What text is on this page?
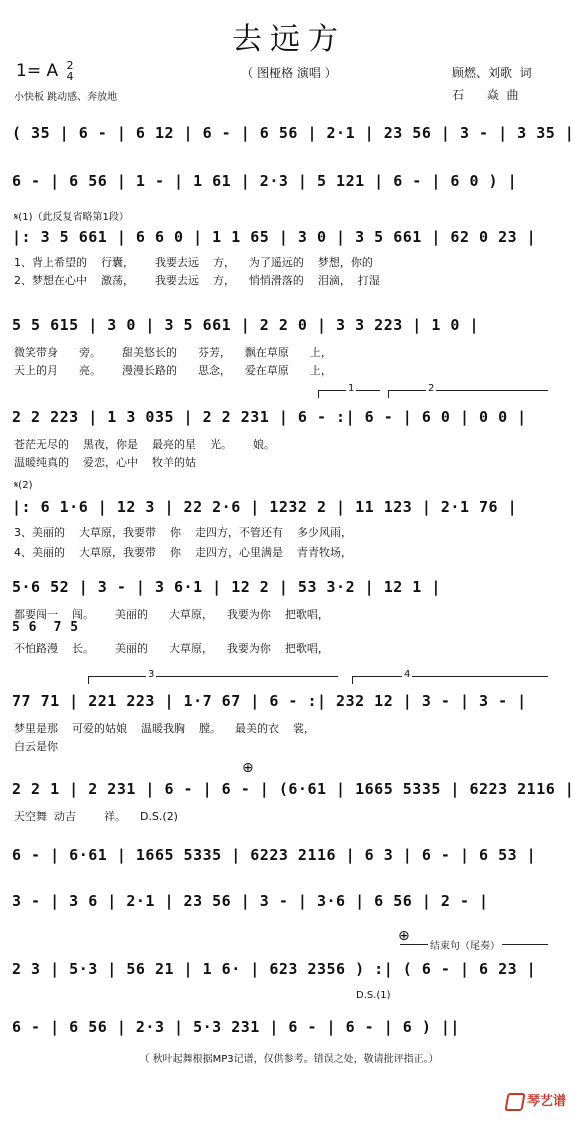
去远方
（ 图桠格 演唱 ）
1= A 2
4
小快板 跳动感、奔放地
顾燃、刘歌  词
石      焱  曲
( 35 | 6 - | 6 12 | 6 - | 6 56 | 2·1 | 23 56 | 3 - | 3 35 |
6 - | 6 56 | 1 - | 1 61 | 2·3 | 5 121 | 6 - | 6 0 ) |
𝄋(1)（此反复省略第1段）
|: 3 5 661 | 6 6 0 | 1 1 65 | 3 0 | 3 5 661 | 62 0 23 |
1、背上希望的    行囊，      我要去远    方，    为了遥远的    梦想，你的
2、梦想在心中    激荡，      我要去远    方，    悄悄滑落的    泪滴，  打湿
5 5 615 | 3 0 | 3 5 661 | 2 2 0 | 3 3 223 | 1 0 |
微笑带身      旁。      甜美悠长的      芬芳，    飘在草原      上，
天上的月      亮。      漫漫长路的      思念，    爱在草原      上，
1	2
2 2 223 | 1 3 035 | 2 2 231 | 6 - :| 6 - | 6 0 | 0 0 |
苍茫无尽的    黑夜，你是    最亮的星    光。      娘。
温暖纯真的    爱恋，心中    牧羊的姑
𝄋(2)
|: 6 1·6 | 12 3 | 22 2·6 | 1232 2 | 11 123 | 2·1 76 |
3、美丽的    大草原，我要带    你    走四方，不管还有    多少风雨，
4、美丽的    大草原，我要带    你    走四方，心里满是    青青牧场，
5·6 52 | 3 - | 3 6·1 | 12 2 | 53 3·2 | 12 1 |
都要闯一    闯。      美丽的      大草原，    我要为你    把歌唱，
5 6  7 5
不怕路漫    长。      美丽的      大草原，    我要为你    把歌唱，
3	4
77 71 | 221 223 | 1·7 67 | 6 - :| 232 12 | 3 - | 3 - |
梦里是那    可爱的姑娘    温暖我胸    膛。    最美的衣    裳，
白云是你
⊕
2 2 1 | 2 231 | 6 - | 6 - | (6·61 | 1665 5335 | 6223 2116 |
天空舞  动吉        祥。    D.S.(2)
6 - | 6·61 | 1665 5335 | 6223 2116 | 6 3 | 6 - | 6 53 |
3 - | 3 6 | 2·1 | 23 56 | 3 - | 3·6 | 6 56 | 2 - |
⊕
结束句（尾奏）
2 3 | 5·3 | 56 21 | 1 6· | 623 2356 ) :| ( 6 - | 6 23 |
D.S.(1)
6 - | 6 56 | 2·3 | 5·3 231 | 6 - | 6 - | 6 ) ||
（ 秋叶起舞根据MP3记谱，仅供参考。错误之处，敬请批评指正。）
琴艺谱
